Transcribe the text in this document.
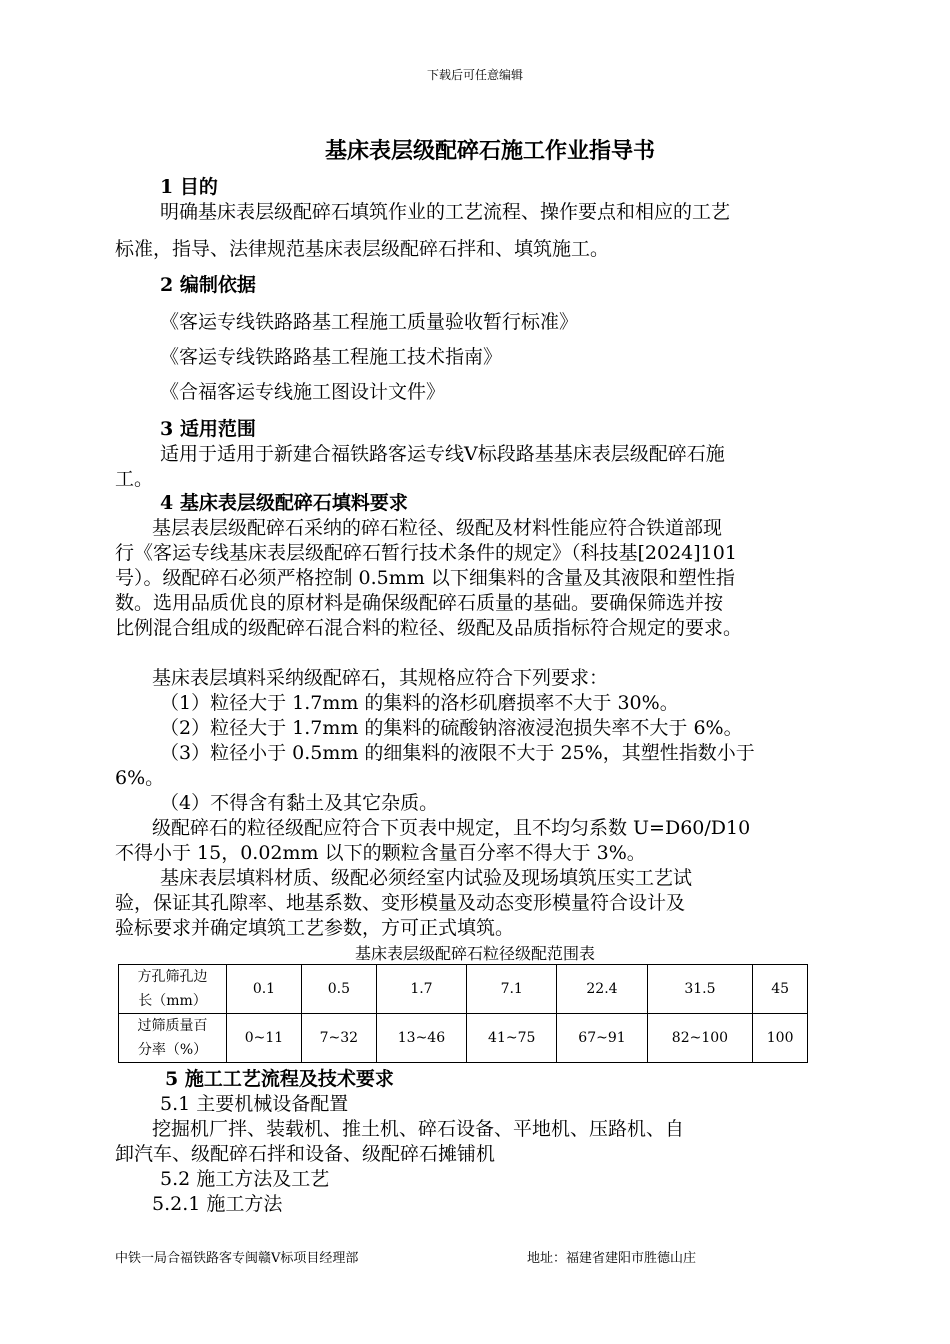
下载后可任意编辑
基床表层级配碎石施工作业指导书
1 目的
明确基床表层级配碎石填筑作业的工艺流程、操作要点和相应的工艺
标准，指导、法律规范基床表层级配碎石拌和、填筑施工。
2 编制依据
《客运专线铁路路基工程施工质量验收暂行标准》
《客运专线铁路路基工程施工技术指南》
《合福客运专线施工图设计文件》
3 适用范围
适用于适用于新建合福铁路客运专线Ⅴ标段路基基床表层级配碎石施
工。
4 基床表层级配碎石填料要求
基层表层级配碎石采纳的碎石粒径、级配及材料性能应符合铁道部现
行《客运专线基床表层级配碎石暂行技术条件的规定》（科技基[2024]101
号）。级配碎石必须严格控制 0.5mm 以下细集料的含量及其液限和塑性指
数。选用品质优良的原材料是确保级配碎石质量的基础。要确保筛选并按
比例混合组成的级配碎石混合料的粒径、级配及品质指标符合规定的要求。
基床表层填料采纳级配碎石，其规格应符合下列要求：
（1）粒径大于 1.7mm 的集料的洛杉矶磨损率不大于 30%。
（2）粒径大于 1.7mm 的集料的硫酸钠溶液浸泡损失率不大于 6%。
（3）粒径小于 0.5mm 的细集料的液限不大于 25%，其塑性指数小于
6%。
（4）不得含有黏土及其它杂质。
级配碎石的粒径级配应符合下页表中规定，且不均匀系数 U=D60/D10
不得小于 15，0.02mm 以下的颗粒含量百分率不得大于 3%。
基床表层填料材质、级配必须经室内试验及现场填筑压实工艺试
验，保证其孔隙率、地基系数、变形模量及动态变形模量符合设计及
验标要求并确定填筑工艺参数，方可正式填筑。
基床表层级配碎石粒径级配范围表
方孔筛孔边
长（mm）	0.1	0.5	1.7	7.1	22.4	31.5	45
过筛质量百
分率（%）	0~11	7~32	13~46	41~75	67~91	82~100	100
5 施工工艺流程及技术要求
5.1 主要机械设备配置
挖掘机厂拌、装载机、推土机、碎石设备、平地机、压路机、自
卸汽车、级配碎石拌和设备、级配碎石摊铺机
5.2 施工方法及工艺
5.2.1 施工方法
中铁一局合福铁路客专闽赣Ⅴ标项目经理部	地址：福建省建阳市胜德山庄
